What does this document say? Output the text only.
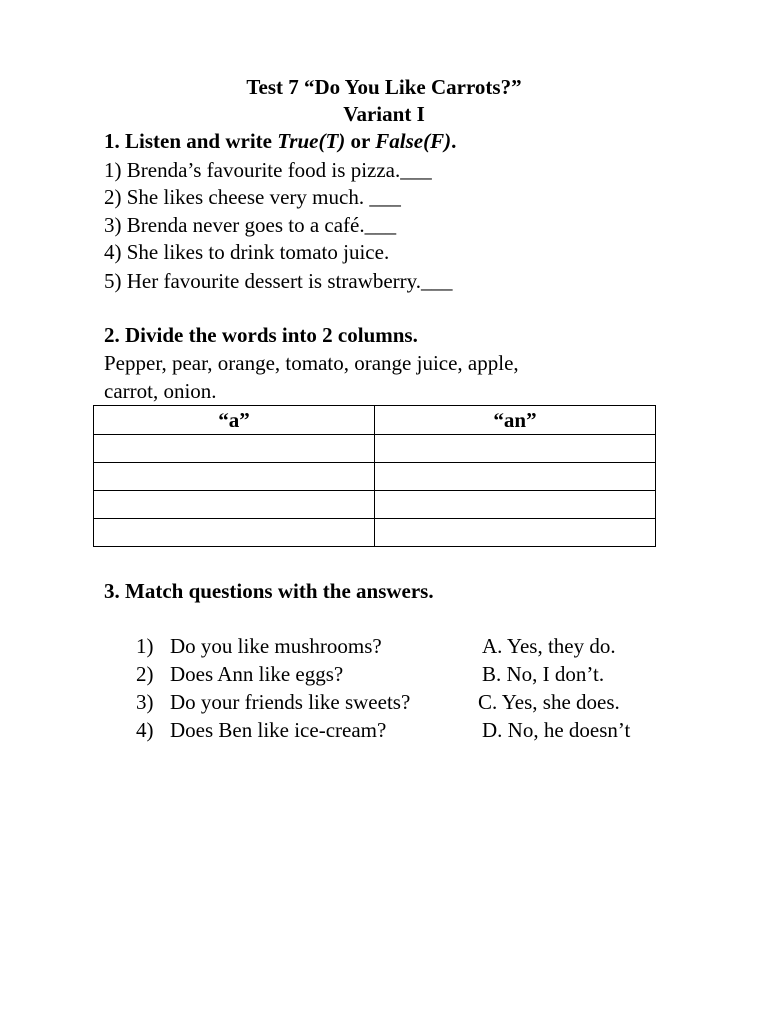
Test 7 “Do You Like Carrots?”
Variant I
1. Listen and write True(T) or False(F).
1) Brenda’s favourite food is pizza.___
2) She likes cheese very much. ___
3) Brenda never goes to a café.___
4) She likes to drink tomato juice.
5) Her favourite dessert is strawberry.___
2. Divide the words into 2 columns.
Pepper, pear, orange, tomato, orange juice, apple,
carrot, onion.
“a”	“an”

3. Match questions with the answers.
1) Do you like mushrooms?	A. Yes, they do.
2) Does Ann like eggs?	B. No, I don’t.
3) Do your friends like sweets?	C. Yes, she does.
4) Does Ben like ice-cream?	D. No, he doesn’t
